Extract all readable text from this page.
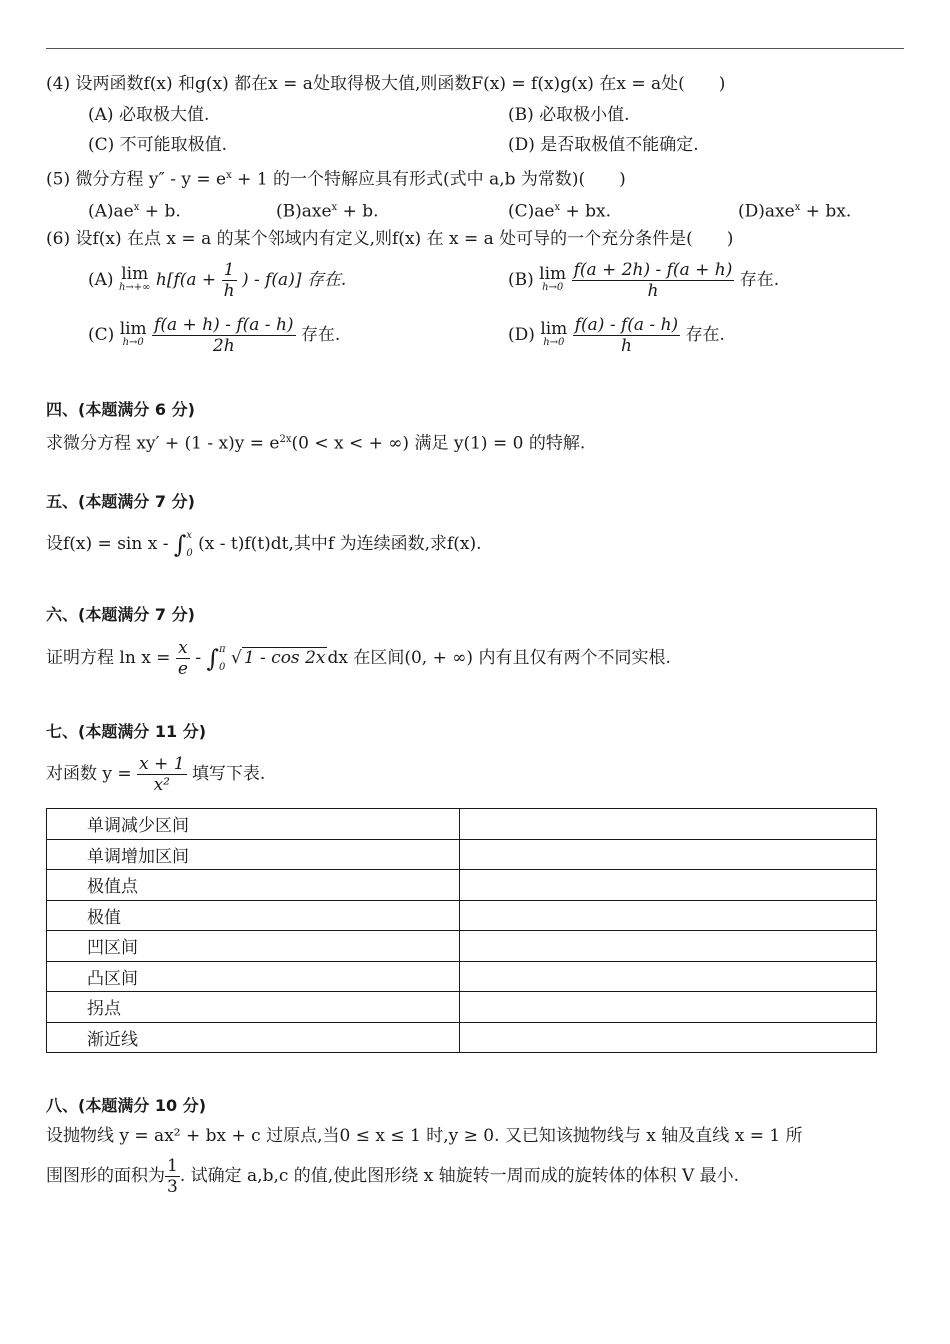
(4) 设两函数f(x) 和g(x) 都在x = a处取得极大值,则函数F(x) = f(x)g(x) 在x = a处(　　)
(A) 必取极大值.	(B) 必取极小值.
(C) 不可能取极值.	(D) 是否取极值不能确定.
(5) 微分方程 $y'' - y = e^x + 1$ 的一个特解应具有形式(式中 a,b 为常数)(　　)
$(A)ae^x + b$.	(B)axe$^x$ + b.	$(C)ae^x$ + bx.	(D)axe$^x$ + bx.
(6) 设f(x) 在点 x = a 的某个邻域内有定义,则f(x) 在 x = a 处可导的一个充分条件是(　　)
(A) lim
h→+∞ $h[f(a + \frac{1}{h}$ ) - f(a)] 存在.	(B) lim
h→0
$\frac{f(a + 2h) - f(a + h)}{h}$ 存在.
(C) lim
h→0
$\frac{f(a + h) - f(a - h)}{2h}$ 存在.	(D) lim
h→0
$\frac{f(a) - f(a - h)}{h}$ 存在.
四、(本题满分 6 分)
求微分方程 $xy' + (1 - x)y = e^{2x}(0 < x$ < + ∞) 满足 y(1) = 0 的特解.
五、(本题满分 7 分)
设f(x) = sin x - ∫ x
0 (x - t)f(t)dt,其中f 为连续函数,求f(x).
六、(本题满分 7 分)
证明方程 $\ln x = \frac{x}{e}$ - ∫ π
0 √ 1 - cos 2x dx 在区间(0, + ∞) 内有且仅有两个不同实根.
七、(本题满分 11 分)
对函数 $y = \frac{x + 1}{\text{x²}}$ 填写下表.
单调减少区间	
单调增加区间	
极值点	
极值	
凹区间	
凸区间	
拐点	
渐近线	
八、(本题满分 10 分)
设抛物线 y = ax² + bx + c 过原点,当0 ≤ x ≤ 1 时,y ≥ 0. 又已知该抛物线与 x 轴及直线 x = 1 所
围图形的面积为 $\frac{1}{3}$ . 试确定 a,b,c 的值,使此图形绕 x 轴旋转一周而成的旋转体的体积 V 最小.
